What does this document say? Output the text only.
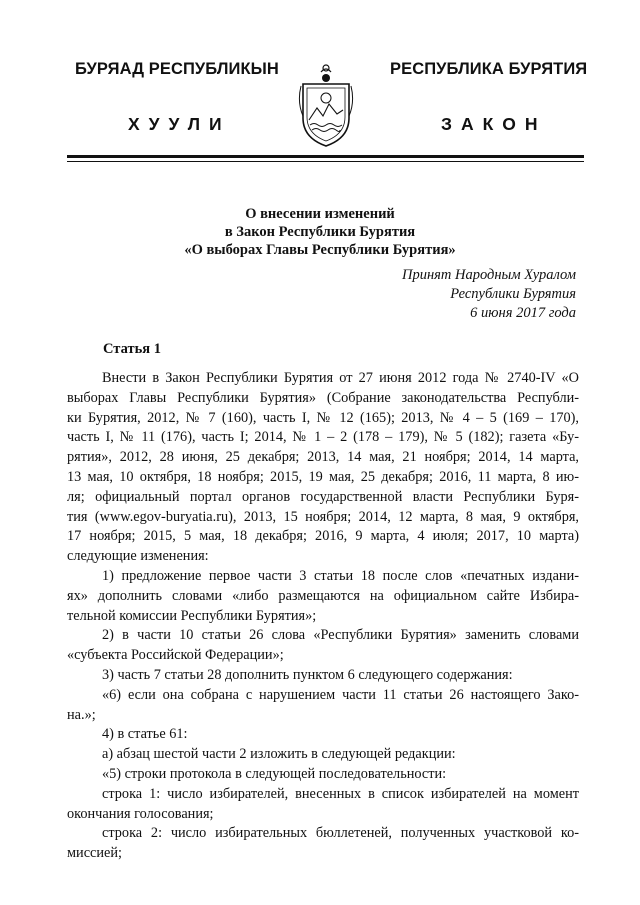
БУРЯАД РЕСПУБЛИКЫН	РЕСПУБЛИКА БУРЯТИЯ
ХУУЛИ	ЗАКОН
О внесении изменений
в Закон Республики Бурятия
«О выборах Главы Республики Бурятия»
Принят Народным Хуралом
Республики Бурятия
6 июня 2017 года
Статья 1
Внести в Закон Республики Бурятия от 27 июня 2012 года № 2740-IV «О
выборах Главы Республики Бурятия» (Собрание законодательства Республи-
ки Бурятия, 2012, № 7 (160), часть I, № 12 (165); 2013, № 4 – 5 (169 – 170),
часть I, № 11 (176), часть I; 2014, № 1 – 2 (178 – 179), № 5 (182); газета «Бу-
рятия», 2012, 28 июня, 25 декабря; 2013, 14 мая, 21 ноября; 2014, 14 марта,
13 мая, 10 октября, 18 ноября; 2015, 19 мая, 25 декабря; 2016, 11 марта, 8 ию-
ля; официальный портал органов государственной власти Республики Буря-
тия (www.egov-buryatia.ru), 2013, 15 ноября; 2014, 12 марта, 8 мая, 9 октября,
17 ноября; 2015, 5 мая, 18 декабря; 2016, 9 марта, 4 июля; 2017, 10 марта)
следующие изменения:
1) предложение первое части 3 статьи 18 после слов «печатных издани-
ях» дополнить словами «либо размещаются на официальном сайте Избира-
тельной комиссии Республики Бурятия»;
2) в части 10 статьи 26 слова «Республики Бурятия» заменить словами
«субъекта Российской Федерации»;
3) часть 7 статьи 28 дополнить пунктом 6 следующего содержания:
«6) если она собрана с нарушением части 11 статьи 26 настоящего Зако-
на.»;
4) в статье 61:
а) абзац шестой части 2 изложить в следующей редакции:
«5) строки протокола в следующей последовательности:
строка 1: число избирателей, внесенных в список избирателей на момент
окончания голосования;
строка 2: число избирательных бюллетеней, полученных участковой ко-
миссией;
